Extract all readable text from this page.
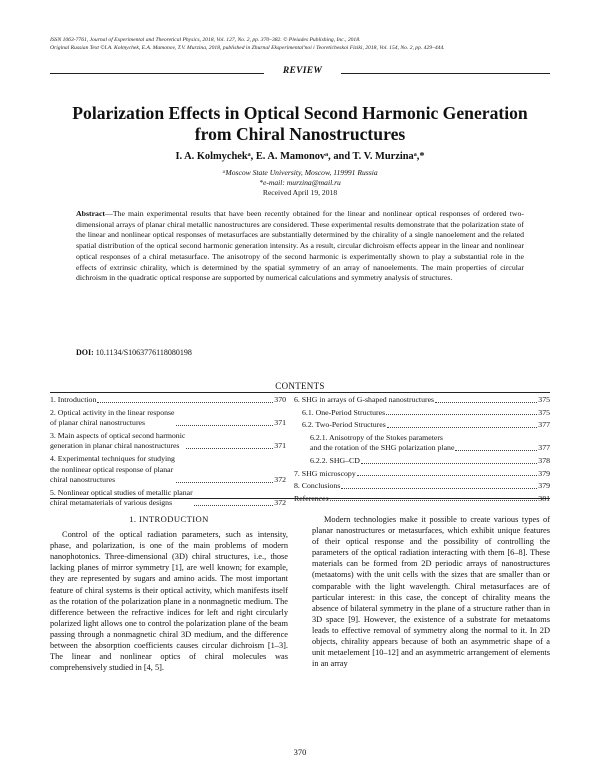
ISSN 1063-7761, Journal of Experimental and Theoretical Physics, 2018, Vol. 127, No. 2, pp. 370–382. © Pleiades Publishing, Inc., 2018.
Original Russian Text ©I.A. Kolmychek, E.A. Mamonov, T.V. Murzina, 2018, published in Zhurnal Eksperimental'noi i Teoreticheskoi Fiziki, 2018, Vol. 154, No. 2, pp. 429–444.
REVIEW
Polarization Effects in Optical Second Harmonic Generation from Chiral Nanostructures
I. A. Kolmychekᵃ, E. A. Mamonovᵃ, and T. V. Murzinaᵃ,*
ᵃMoscow State University, Moscow, 119991 Russia
*e-mail: murzina@mail.ru
Received April 19, 2018
Abstract—The main experimental results that have been recently obtained for the linear and nonlinear optical responses of ordered two-dimensional arrays of planar chiral metallic nanostructures are considered. These experimental results demonstrate that the polarization state of the linear and nonlinear optical responses of metasurfaces are substantially determined by the chirality of a single nanoelement and the related spatial distribution of the optical second harmonic generation intensity. As a result, circular dichroism effects appear in the linear and nonlinear optical responses of a chiral metasurface. The anisotropy of the second harmonic is experimentally shown to play a substantial role in the effects of extrinsic chirality, which is determined by the spatial symmetry of an array of nanoelements. The main properties of circular dichroism in the quadratic optical response are supported by numerical calculations and symmetry analysis of structures.
DOI: 10.1134/S1063776118080198
CONTENTS
1. Introduction	370
2. Optical activity in the linear response
of planar chiral nanostructures	371
3. Main aspects of optical second harmonic
generation in planar chiral nanostructures	371
4. Experimental techniques for studying
the nonlinear optical response of planar
chiral nanostructures	372
5. Nonlinear optical studies of metallic planar
chiral metamaterials of various designs	372
6. SHG in arrays of G-shaped nanostructures	375
6.1. One-Period Structures	375
6.2. Two-Period Structures	377
6.2.1. Anisotropy of the Stokes parameters
and the rotation of the SHG polarization plane	377
6.2.2. SHG–CD	378
7. SHG microscopy	379
8. Conclusions	379
References	381
1. INTRODUCTION

Control of the optical radiation parameters, such as intensity, phase, and polarization, is one of the main problems of modern nanophotonics. Three-dimensional (3D) chiral structures, i.e., those lacking planes of mirror symmetry [1], are well known; for example, they are represented by sugars and amino acids. The most important feature of chiral systems is their optical activity, which manifests itself as the rotation of the polarization plane in a nonmagnetic medium. The difference between the refractive indices for left and right circularly polarized light allows one to control the polarization plane of the beam passing through a nonmagnetic chiral 3D medium, and the difference between the absorption coefficients causes circular dichroism [1–3]. The linear and nonlinear optics of chiral molecules was comprehensively studied in [4, 5].

Modern technologies make it possible to create various types of planar nanostructures or metasurfaces, which exhibit unique features of their optical response and the possibility of controlling the parameters of the optical radiation interacting with them [6–8]. These materials can be formed from 2D periodic arrays of nanostructures (metaatoms) with the unit cells with the sizes that are smaller than or comparable with the light wavelength. Chiral metasurfaces are of particular interest: in this case, the concept of chirality means the absence of bilateral symmetry in the plane of a structure rather than in 3D space [9]. However, the existence of a substrate for metaatoms leads to effective removal of symmetry along the normal to it. In 2D objects, chirality appears because of both an asymmetric shape of a unit metaelement [10–12] and an asymmetric arrangement of elements in an array

370
